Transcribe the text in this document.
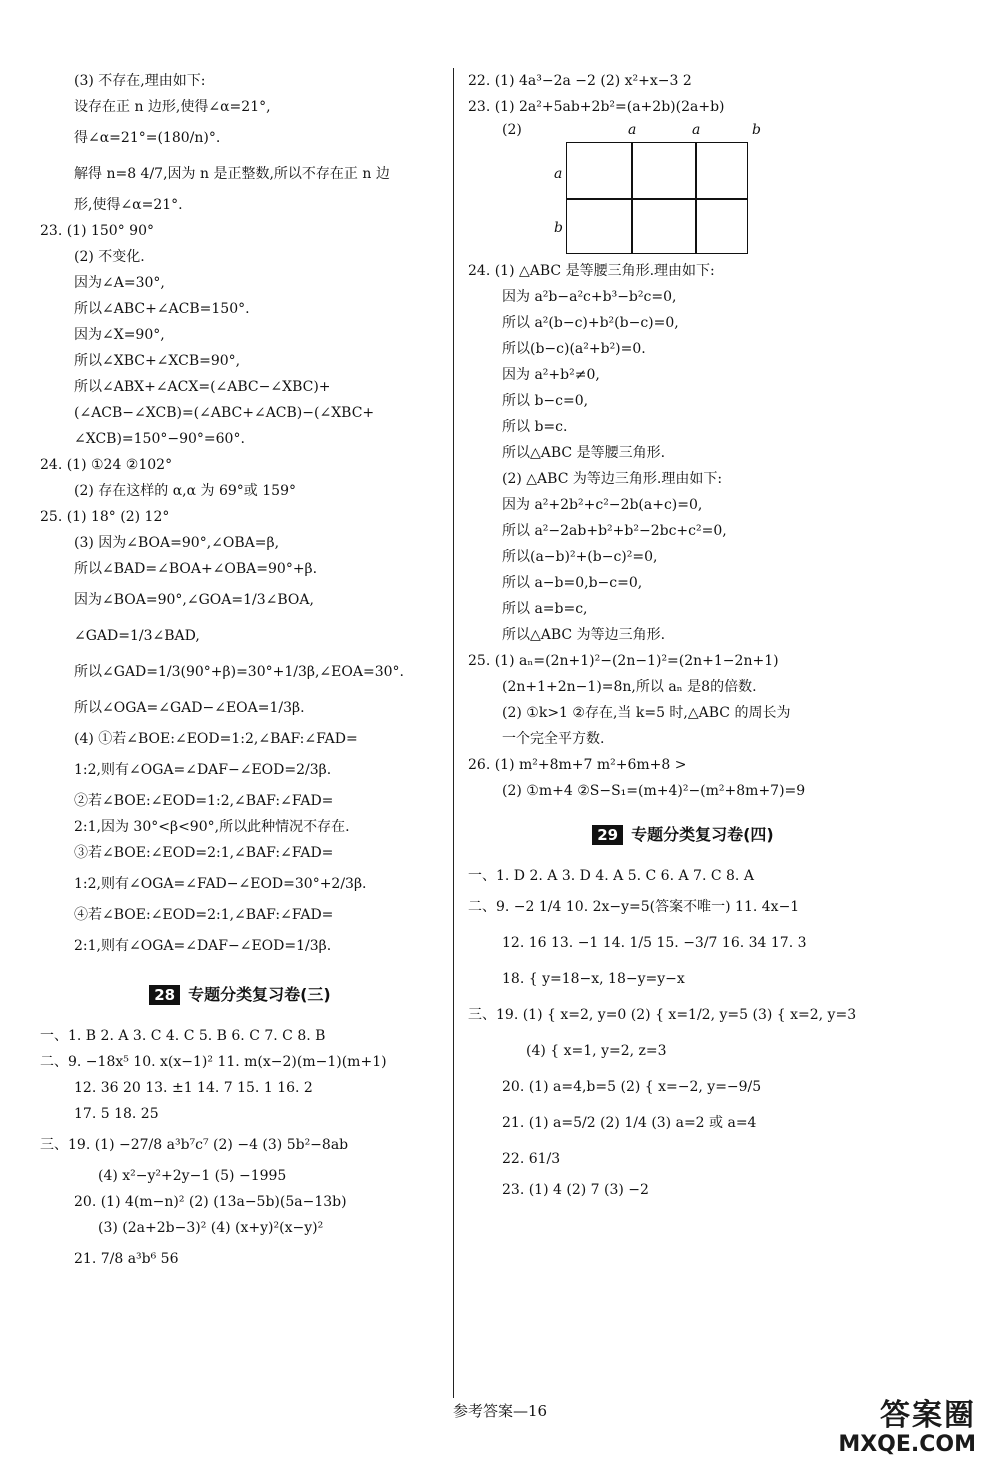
(3) 不存在,理由如下:
设存在正 n 边形,使得∠α=21°,
得∠α=21°=(180/n)°.
解得 n=8 4/7,因为 n 是正整数,所以不存在正 n 边
形,使得∠α=21°.
23. (1) 150° 90°
(2) 不变化.
因为∠A=30°,
所以∠ABC+∠ACB=150°.
因为∠X=90°,
所以∠XBC+∠XCB=90°,
所以∠ABX+∠ACX=(∠ABC−∠XBC)+
(∠ACB−∠XCB)=(∠ABC+∠ACB)−(∠XBC+
∠XCB)=150°−90°=60°.
24. (1) ①24 ②102°
(2) 存在这样的 α,α 为 69°或 159°
25. (1) 18° (2) 12°
(3) 因为∠BOA=90°,∠OBA=β,
所以∠BAD=∠BOA+∠OBA=90°+β.
因为∠BOA=90°,∠GOA=1/3∠BOA,
∠GAD=1/3∠BAD,
所以∠GAD=1/3(90°+β)=30°+1/3β,∠EOA=30°.
所以∠OGA=∠GAD−∠EOA=1/3β.
(4) ①若∠BOE:∠EOD=1:2,∠BAF:∠FAD=
1:2,则有∠OGA=∠DAF−∠EOD=2/3β.
②若∠BOE:∠EOD=1:2,∠BAF:∠FAD=
2:1,因为 30°<β<90°,所以此种情况不存在.
③若∠BOE:∠EOD=2:1,∠BAF:∠FAD=
1:2,则有∠OGA=∠FAD−∠EOD=30°+2/3β.
④若∠BOE:∠EOD=2:1,∠BAF:∠FAD=
2:1,则有∠OGA=∠DAF−∠EOD=1/3β.
28 专题分类复习卷(三)
一、1. B 2. A 3. C 4. C 5. B 6. C 7. C 8. B
二、9. −18x⁵ 10. x(x−1)² 11. m(x−2)(m−1)(m+1)
12. 36 20 13. ±1 14. 7 15. 1 16. 2
17. 5 18. 25
三、19. (1) −27/8 a³b⁷c⁷ (2) −4 (3) 5b²−8ab
(4) x²−y²+2y−1 (5) −1995
20. (1) 4(m−n)² (2) (13a−5b)(5a−13b)
(3) (2a+2b−3)² (4) (x+y)²(x−y)²
21. 7/8 a³b⁶ 56
22. (1) 4a³−2a −2 (2) x²+x−3 2
23. (1) 2a²+5ab+2b²=(a+2b)(2a+b)
(2)	a	a	b
a
b
24. (1) △ABC 是等腰三角形.理由如下:
因为 a²b−a²c+b³−b²c=0,
所以 a²(b−c)+b²(b−c)=0,
所以(b−c)(a²+b²)=0.
因为 a²+b²≠0,
所以 b−c=0,
所以 b=c.
所以△ABC 是等腰三角形.
(2) △ABC 为等边三角形.理由如下:
因为 a²+2b²+c²−2b(a+c)=0,
所以 a²−2ab+b²+b²−2bc+c²=0,
所以(a−b)²+(b−c)²=0,
所以 a−b=0,b−c=0,
所以 a=b=c,
所以△ABC 为等边三角形.
25. (1) aₙ=(2n+1)²−(2n−1)²=(2n+1−2n+1)
(2n+1+2n−1)=8n,所以 aₙ 是8的倍数.
(2) ①k>1 ②存在,当 k=5 时,△ABC 的周长为
一个完全平方数.
26. (1) m²+8m+7 m²+6m+8 >
(2) ①m+4 ②S−S₁=(m+4)²−(m²+8m+7)=9
29 专题分类复习卷(四)
一、1. D 2. A 3. D 4. A 5. C 6. A 7. C 8. A
二、9. −2 1/4 10. 2x−y=5(答案不唯一) 11. 4x−1
12. 16 13. −1 14. 1/5 15. −3/7 16. 34 17. 3
18. { y=18−x, 18−y=y−x
三、19. (1) { x=2, y=0 (2) { x=1/2, y=5 (3) { x=2, y=3
(4) { x=1, y=2, z=3
20. (1) a=4,b=5 (2) { x=−2, y=−9/5
21. (1) a=5/2 (2) 1/4 (3) a=2 或 a=4
22. 61/3
23. (1) 4 (2) 7 (3) −2
参考答案—16	答案圈
MXQE.COM
